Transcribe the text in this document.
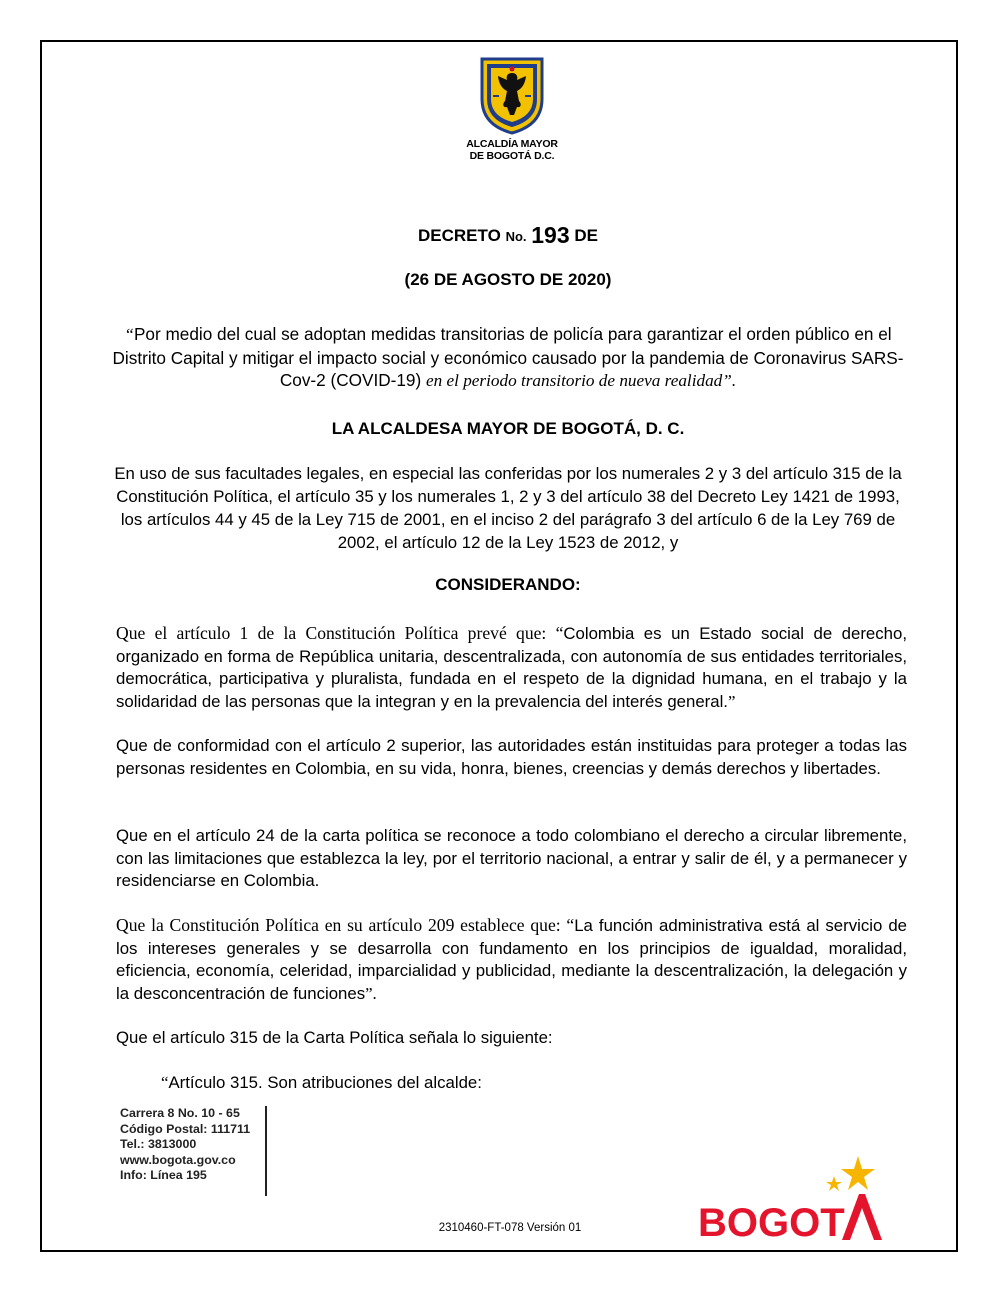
ALCALDÍA MAYOR
DE BOGOTÁ D.C.
DECRETO No. 193 DE
(26 DE AGOSTO DE 2020)
“Por medio del cual se adoptan medidas transitorias de policía para garantizar el orden público en el Distrito Capital y mitigar el impacto social y económico causado por la pandemia de Coronavirus SARS-Cov-2 (COVID-19) en el periodo transitorio de nueva realidad”.
LA ALCALDESA MAYOR DE BOGOTÁ, D. C.
En uso de sus facultades legales, en especial las conferidas por los numerales 2 y 3 del artículo 315 de la Constitución Política, el artículo 35 y los numerales 1, 2 y 3 del artículo 38 del Decreto Ley 1421 de 1993, los artículos 44 y 45 de la Ley 715 de 2001, en el inciso 2 del parágrafo 3 del artículo 6 de la Ley 769 de 2002, el artículo 12 de la Ley 1523 de 2012, y
CONSIDERANDO:
Que el artículo 1 de la Constitución Política prevé que: “Colombia es un Estado social de derecho, organizado en forma de República unitaria, descentralizada, con autonomía de sus entidades territoriales, democrática, participativa y pluralista, fundada en el respeto de la dignidad humana, en el trabajo y la solidaridad de las personas que la integran y en la prevalencia del interés general.”
Que de conformidad con el artículo 2 superior, las autoridades están instituidas para proteger a todas las personas residentes en Colombia, en su vida, honra, bienes, creencias y demás derechos y libertades.
Que en el artículo 24 de la carta política se reconoce a todo colombiano el derecho a circular libremente, con las limitaciones que establezca la ley, por el territorio nacional, a entrar y salir de él, y a permanecer y residenciarse en Colombia.
Que la Constitución Política en su artículo 209 establece que: “La función administrativa está al servicio de los intereses generales y se desarrolla con fundamento en los principios de igualdad, moralidad, eficiencia, economía, celeridad, imparcialidad y publicidad, mediante la descentralización, la delegación y la desconcentración de funciones”.
Que el artículo 315 de la Carta Política señala lo siguiente:
“Artículo 315. Son atribuciones del alcalde:
Carrera 8 No. 10 - 65
Código Postal: 111711
Tel.: 3813000
www.bogota.gov.co
Info: Línea 195
2310460-FT-078 Versión 01	BOGOT
